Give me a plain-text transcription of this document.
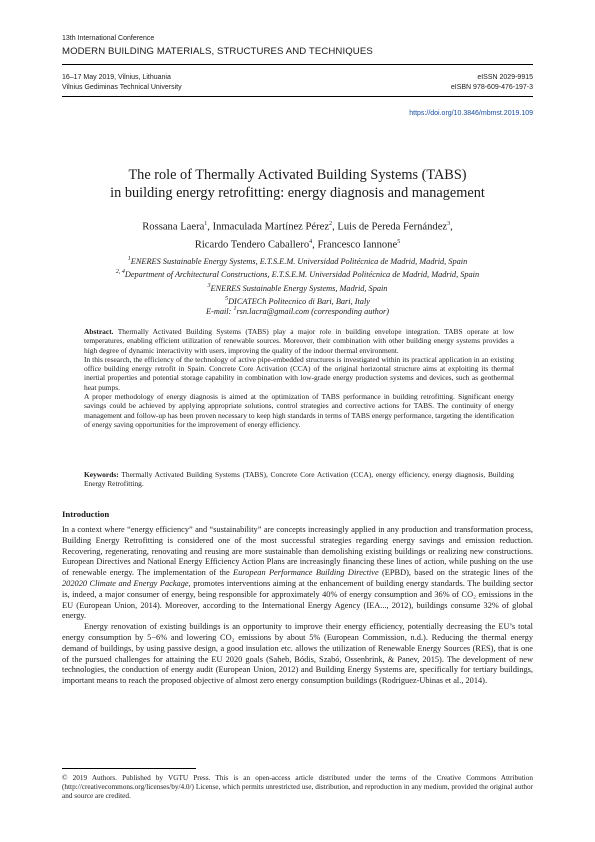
13th International Conference
MODERN BUILDING MATERIALS, STRUCTURES AND TECHNIQUES
16–17 May 2019, Vilnius, Lithuania
Vilnius Gediminas Technical University
eISSN 2029-9915
eISBN 978-609-476-197-3
https://doi.org/10.3846/mbmst.2019.109
The role of Thermally Activated Building Systems (TABS)
in building energy retrofitting: energy diagnosis and management
Rossana Laera$^1$, Inmaculada Martínez Pérez$^2$, Luis de Pereda Fernández$^3$,
Ricardo Tendero Caballero$^4$, Francesco Iannone$^5$
$^1$ENERES Sustainable Energy Systems, E.T.S.E.M. Universidad Politécnica de Madrid, Madrid, Spain
$^{2, 4}$Department of Architectural Constructions, E.T.S.E.M. Universidad Politécnica de Madrid, Madrid, Spain
$^3$ENERES Sustainable Energy Systems, Madrid, Spain
$^5$DICATECh Politecnico di Bari, Bari, Italy
E-mail: $^1$rsn.lacra@gmail.com (corresponding author)

Abstract. Thermally Activated Building Systems (TABS) play a major role in building envelope integration. TABS operate at low temperatures, enabling efficient utilization of renewable sources. Moreover, their combination with other building energy systems provides a high degree of dynamic interactivity with users, improving the quality of the indoor thermal environment.

In this research, the efficiency of the technology of active pipe-embedded structures is investigated within its practical application in an existing office building energy retrofit in Spain. Concrete Core Activation (CCA) of the original horizontal structure aims at exploiting its thermal inertial properties and potential storage capability in combination with low-grade energy production systems and devices, such as geothermal heat pumps.

A proper methodology of energy diagnosis is aimed at the optimization of TABS performance in building retrofitting. Significant energy savings could be achieved by applying appropriate solutions, control strategies and corrective actions for TABS. The continuity of energy management and follow-up has been proven necessary to keep high standards in terms of TABS energy performance, targeting the identification of energy saving opportunities for the improvement of energy efficiency.

Keywords: Thermally Activated Building Systems (TABS), Concrete Core Activation (CCA), energy efficiency, energy diagnosis, Building Energy Retrofitting.
Introduction

In a context where “energy efficiency” and “sustainability” are concepts increasingly applied in any production and transformation process, Building Energy Retrofitting is considered one of the most successful strategies regarding energy savings and emission reduction. Recovering, regenerating, renovating and reusing are more sustainable than demolishing existing buildings or realizing new constructions. European Directives and National Energy Efficiency Action Plans are increasingly financing these lines of action, while pushing on the use of renewable energy. The implementation of the European Performance Building Directive (EPBD), based on the strategic lines of the 202020 Climate and Energy Package, promotes interventions aiming at the enhancement of building energy standards. The building sector is, indeed, a major consumer of energy, being responsible for approximately 40% of energy consumption and 36% of CO₂ emissions in the EU (European Union, 2014). Moreover, according to the International Energy Agency (IEA..., 2012), buildings consume 32% of global energy.

Energy renovation of existing buildings is an opportunity to improve their energy efficiency, potentially decreasing the EU’s total energy consumption by 5−6% and lowering CO₂ emissions by about 5% (European Commission, n.d.). Reducing the thermal energy demand of buildings, by using passive design, a good insulation etc. allows the utilization of Renewable Energy Sources (RES), that is one of the pursued challenges for attaining the EU 2020 goals (Saheb, Bódis, Szabó, Ossenbrink, & Panev, 2015). The development of new technologies, the conduction of energy audit (European Union, 2012) and Building Energy Systems are, specifically for tertiary buildings, important means to reach the proposed objective of almost zero energy consumption buildings (Rodriguez-Ubinas et al., 2014).

© 2019 Authors. Published by VGTU Press. This is an open-access article distributed under the terms of the Creative Commons Attribution (http://creativecommons.org/licenses/by/4.0/) License, which permits unrestricted use, distribution, and reproduction in any medium, provided the original author and source are credited.
